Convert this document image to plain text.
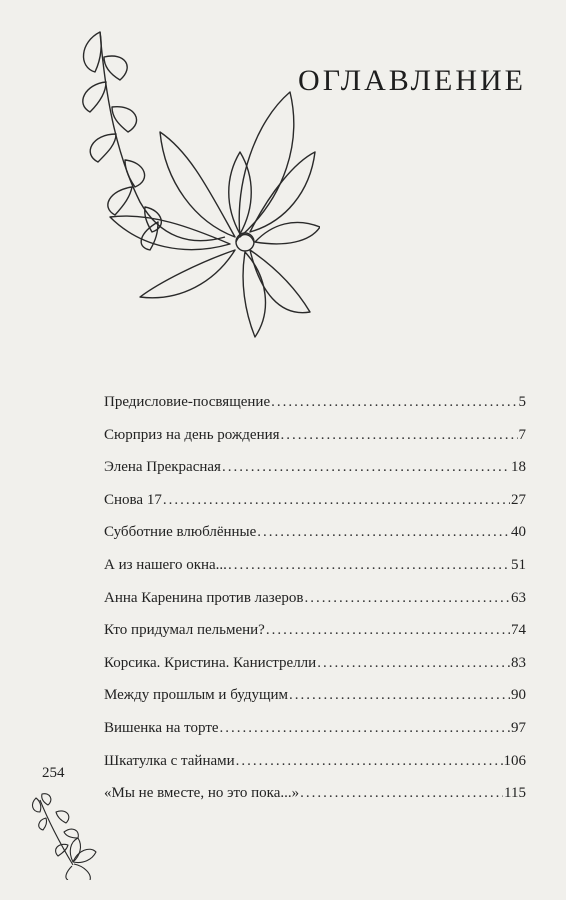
ОГЛАВЛЕНИЕ
Предисловие-посвящение .....	5
Сюрприз на день рождения .....	7
Элена Прекрасная .....	18
Снова 17 .....	27
Субботние влюблённые .....	40
А из нашего окна... .....	51
Анна Каренина против лазеров .....	63
Кто придумал пельмени? .....	74
Корсика. Кристина. Канистрелли .....	83
Между прошлым и будущим .....	90
Вишенка на торте .....	97
Шкатулка с тайнами .....	106
«Мы не вместе, но это пока...» .....	115
254
